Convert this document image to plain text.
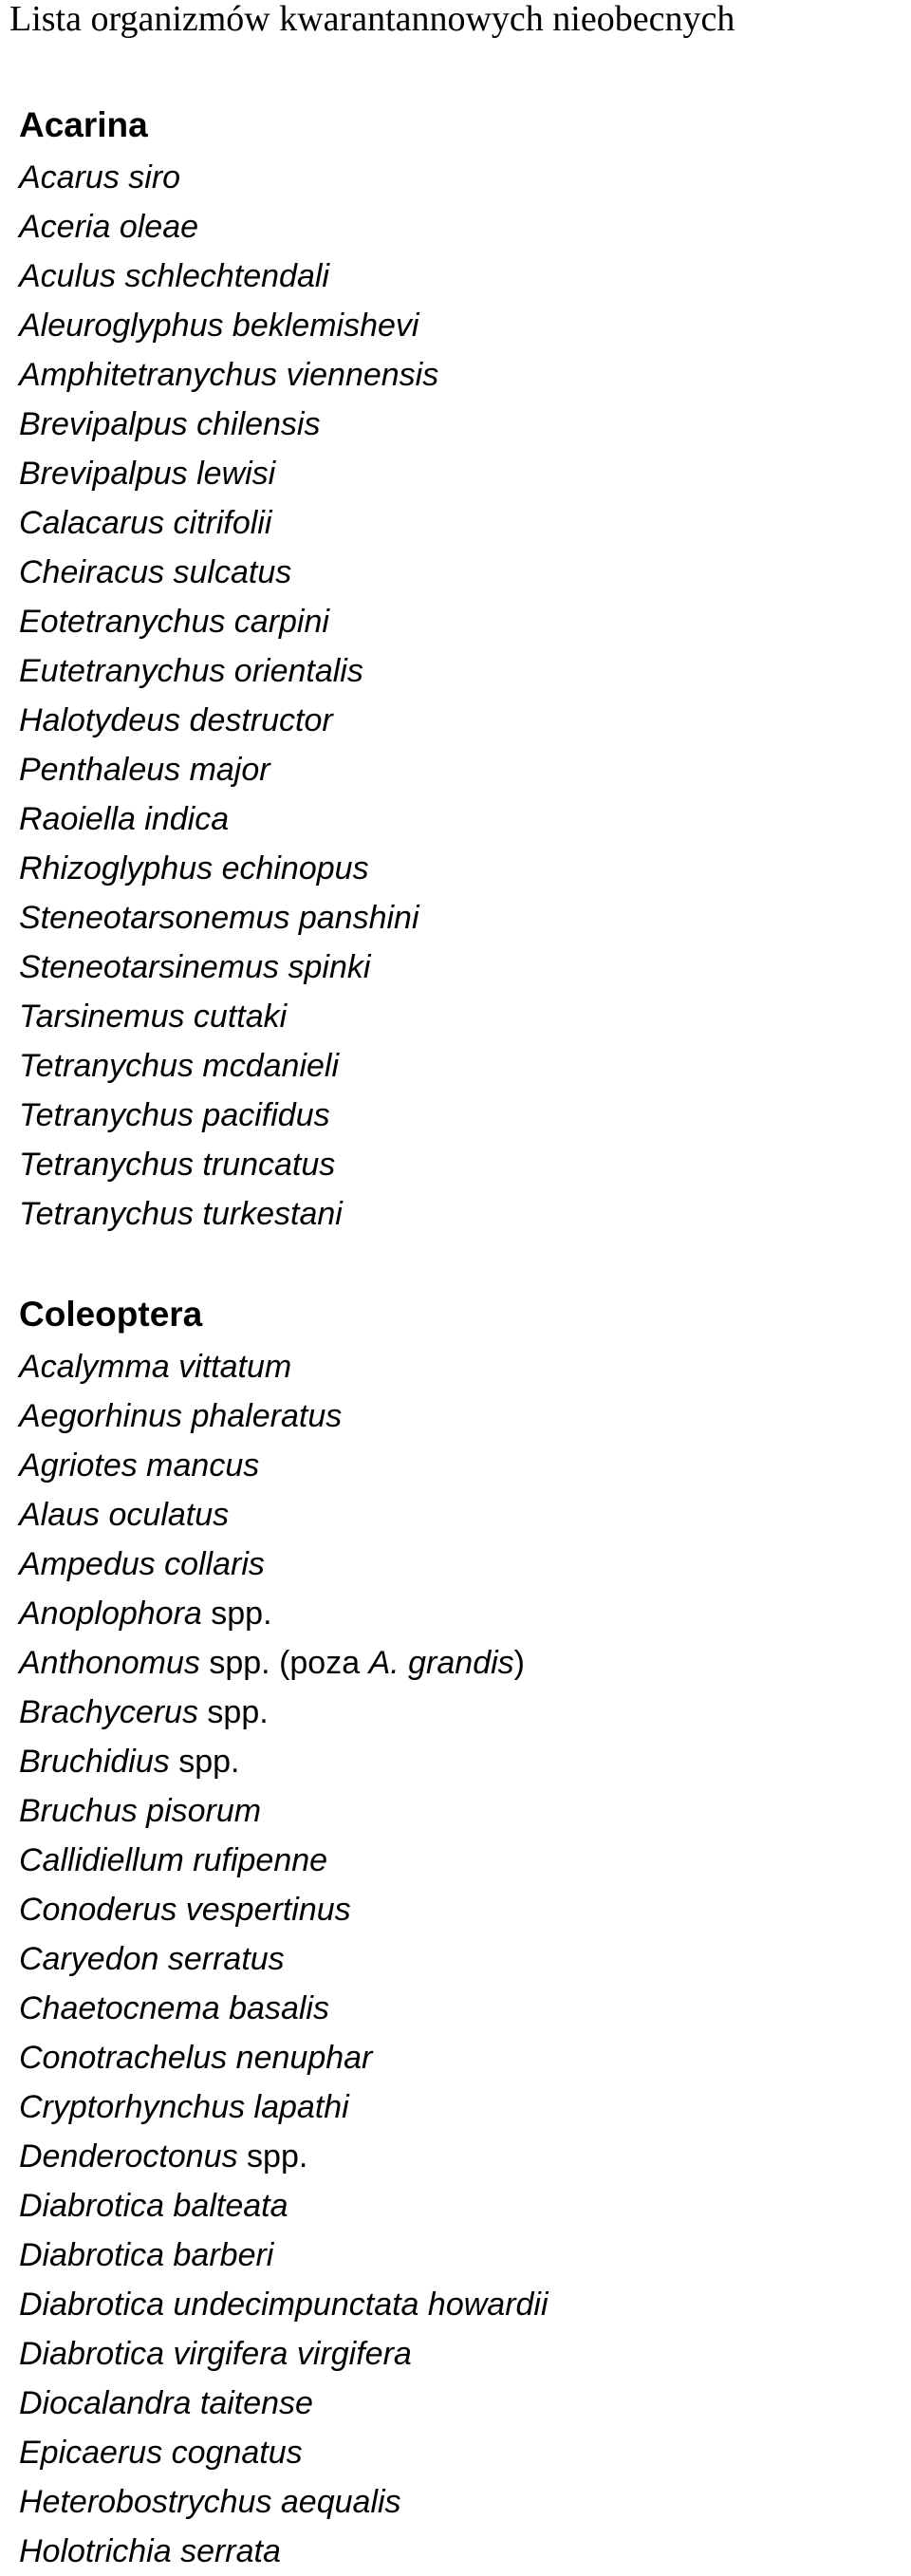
Lista organizmów kwarantannowych nieobecnych
Acarina
Acarus siro
Aceria oleae
Aculus schlechtendali
Aleuroglyphus beklemishevi
Amphitetranychus viennensis
Brevipalpus chilensis
Brevipalpus lewisi
Calacarus citrifolii
Cheiracus sulcatus
Eotetranychus carpini
Eutetranychus orientalis
Halotydeus destructor
Penthaleus major
Raoiella indica
Rhizoglyphus echinopus
Steneotarsonemus panshini
Steneotarsinemus spinki
Tarsinemus cuttaki
Tetranychus mcdanieli
Tetranychus pacifidus
Tetranychus truncatus
Tetranychus turkestani
Coleoptera
Acalymma vittatum
Aegorhinus phaleratus
Agriotes mancus
Alaus oculatus
Ampedus collaris
Anoplophora spp.
Anthonomus spp. (poza A. grandis)
Brachycerus spp.
Bruchidius spp.
Bruchus pisorum
Callidiellum rufipenne
Conoderus vespertinus
Caryedon serratus
Chaetocnema basalis
Conotrachelus nenuphar
Cryptorhynchus lapathi
Denderoctonus spp.
Diabrotica balteata
Diabrotica barberi
Diabrotica undecimpunctata howardii
Diabrotica virgifera virgifera
Diocalandra taitense
Epicaerus cognatus
Heterobostrychus aequalis
Holotrichia serrata
